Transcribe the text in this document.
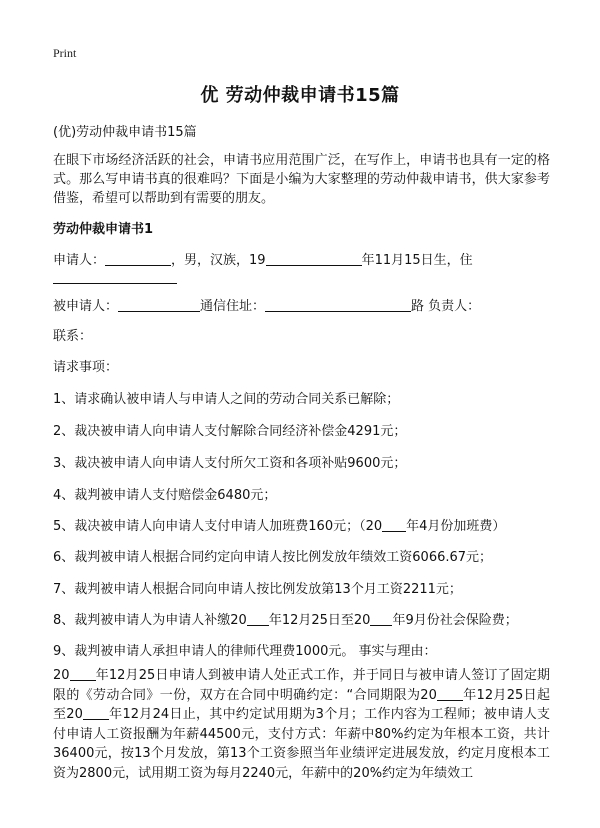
Print
优 劳动仲裁申请书15篇
(优)劳动仲裁申请书15篇
在眼下市场经济活跃的社会，申请书应用范围广泛，在写作上，申请书也具有一定的格式。那么写申请书真的很难吗？下面是小编为大家整理的劳动仲裁申请书，供大家参考借鉴，希望可以帮助到有需要的朋友。
劳动仲裁申请书1
申请人：	，男，汉族，19	年11月15日生，住
被申请人：	通信住址：	路 负责人：
联系：
请求事项：
1、请求确认被申请人与申请人之间的劳动合同关系已解除；
2、裁决被申请人向申请人支付解除合同经济补偿金4291元；
3、裁决被申请人向申请人支付所欠工资和各项补贴9600元；
4、裁判被申请人支付赔偿金6480元；
5、裁决被申请人向申请人支付申请人加班费160元；（20 年4月份加班费）
6、裁判被申请人根据合同约定向申请人按比例发放年绩效工资6066.67元；
7、裁判被申请人根据合同向申请人按比例发放第13个月工资2211元；
8、裁判被申请人为申请人补缴20 年12月25日至20 年9月份社会保险费；
9、裁判被申请人承担申请人的律师代理费1000元。 事实与理由：
20 年12月25日申请人到被申请人处正式工作，并于同日与被申请人签订了固定期限的《劳动合同》一份，双方在合同中明确约定：“合同期限为20 年12月25日起至20 年12月24日止，其中约定试用期为3个月；工作内容为工程师；被申请人支付申请人工资报酬为年薪44500元，支付方式：年薪中80%约定为年根本工资，共计36400元，按13个月发放，第13个工资参照当年业绩评定进展发放，约定月度根本工资为2800元，试用期工资为每月2240元，年薪中的20%约定为年绩效工
